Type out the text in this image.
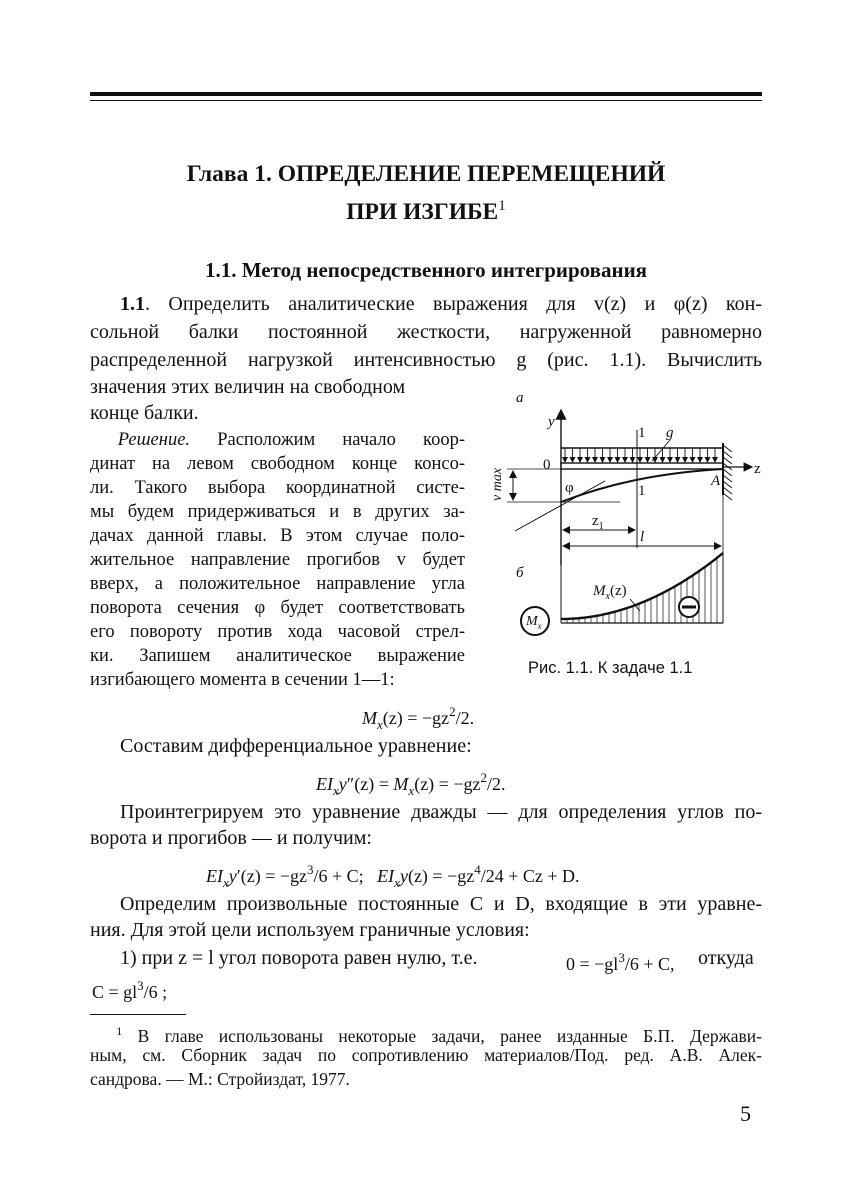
Глава 1. ОПРЕДЕЛЕНИЕ ПЕРЕМЕЩЕНИЙ
ПРИ ИЗГИБЕ$^1$
1.1. Метод непосредственного интегрирования
   1.1. Определить аналитические выражения для v(z) и φ(z) кон-
сольной балки постоянной жесткости, нагруженной равномерно
распределенной нагрузкой интенсивностью g (рис. 1.1). Вычислить
значения этих величин на свободном
конце балки.
   Решение. Расположим начало коор-
динат на левом свободном конце консо-
ли. Такого выбора координатной систе-
мы будем придерживаться и в других за-
дачах данной главы. В этом случае поло-
жительное направление прогибов v будет
вверх, а положительное направление угла
поворота сечения φ будет соответствовать
его повороту против хода часовой стрел-
ки. Запишем аналитическое выражение
изгибающего момента в сечении 1—1:
$M_x(z) = -gz^2/2$.
Составим дифференциальное уравнение:
$EI_xy''(z) = M_x(z) = -gz^2/2$.
   Проинтегрируем это уравнение дважды — для определения углов по-
ворота и прогибов — и получим:
$EI_xy'(z) = -gz^3/6 + C$; $EI_xy(z) = -gz^4/24 + Cz + D$.
   Определим произвольные постоянные C и D, входящие в эти уравне-
ния. Для этой цели используем граничные условия:
1) при z = l угол поворота равен нулю, т.е.	$0 = -gl^3/6 + C$, откуда
$C = gl^3/6$ ;
а
y
z
0
A
1
1
g
φ
v max
$z_1$
l
б
$M_x(z)$
$M_x$
Рис. 1.1. К задаче 1.1
   $^1$ В главе использованы некоторые задачи, ранее изданные Б.П. Держави-
ным, см. Сборник задач по сопротивлению материалов/Под. ред. А.В. Алек-
сандрова. — М.: Стройиздат, 1977.
5
